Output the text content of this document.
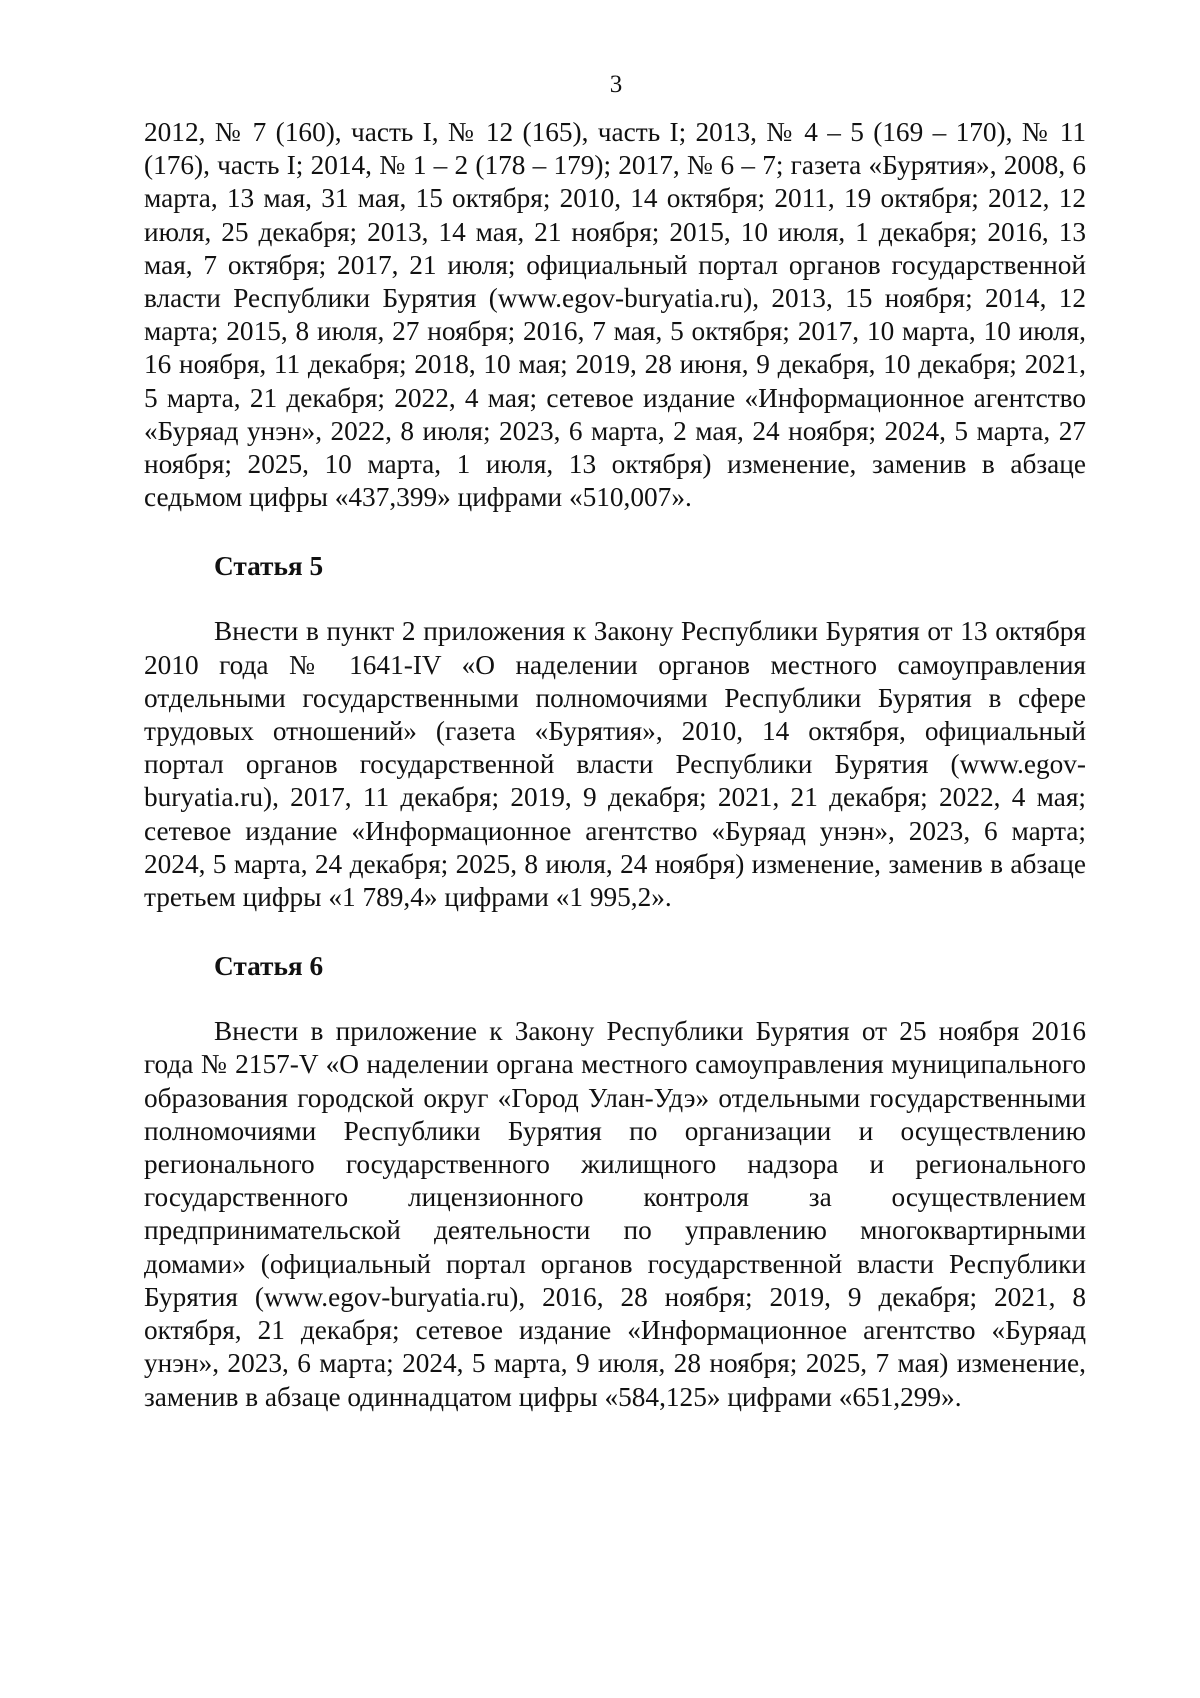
3

2012, № 7 (160), часть I, № 12 (165), часть I; 2013, № 4 – 5 (169 – 170), № 11 (176), часть I; 2014, № 1 – 2 (178 – 179); 2017, № 6 – 7; газета «Бурятия», 2008, 6 марта, 13 мая, 31 мая, 15 октября; 2010, 14 октября; 2011, 19 октября; 2012, 12 июля, 25 декабря; 2013, 14 мая, 21 ноября; 2015, 10 июля, 1 декабря; 2016, 13 мая, 7 октября; 2017, 21 июля; официальный портал органов государственной власти Республики Бурятия (www.egov-buryatia.ru), 2013, 15 ноября; 2014, 12 марта; 2015, 8 июля, 27 ноября; 2016, 7 мая, 5 октября; 2017, 10 марта, 10 июля, 16 ноября, 11 декабря; 2018, 10 мая; 2019, 28 июня, 9 декабря, 10 декабря; 2021, 5 марта, 21 декабря; 2022, 4 мая; сетевое издание «Информационное агентство «Буряад унэн», 2022, 8 июля; 2023, 6 марта, 2 мая, 24 ноября; 2024, 5 марта, 27 ноября; 2025, 10 марта, 1 июля, 13 октября) изменение, заменив в абзаце седьмом цифры «437,399» цифрами «510,007».

Статья 5

Внести в пункт 2 приложения к Закону Республики Бурятия от 13 октября 2010 года № 1641-IV «О наделении органов местного самоуправления отдельными государственными полномочиями Республики Бурятия в сфере трудовых отношений» (газета «Бурятия», 2010, 14 октября, официальный портал органов государственной власти Республики Бурятия (www.egov-buryatia.ru), 2017, 11 декабря; 2019, 9 декабря; 2021, 21 декабря; 2022, 4 мая; сетевое издание «Информационное агентство «Буряад унэн», 2023, 6 марта; 2024, 5 марта, 24 декабря; 2025, 8 июля, 24 ноября) изменение, заменив в абзаце третьем цифры «1 789,4» цифрами «1 995,2».

Статья 6

Внести в приложение к Закону Республики Бурятия от 25 ноября 2016 года № 2157-V «О наделении органа местного самоуправления муниципального образования городской округ «Город Улан-Удэ» отдельными государственными полномочиями Республики Бурятия по организации и осуществлению регионального государственного жилищного надзора и регионального государственного лицензионного контроля за осуществлением предпринимательской деятельности по управлению многоквартирными домами» (официальный портал органов государственной власти Республики Бурятия (www.egov-buryatia.ru), 2016, 28 ноября; 2019, 9 декабря; 2021, 8 октября, 21 декабря; сетевое издание «Информационное агентство «Буряад унэн», 2023, 6 марта; 2024, 5 марта, 9 июля, 28 ноября; 2025, 7 мая) изменение, заменив в абзаце одиннадцатом цифры «584,125» цифрами «651,299».
